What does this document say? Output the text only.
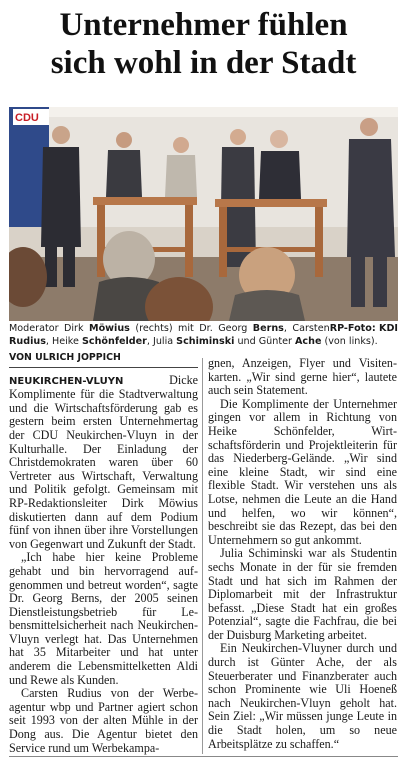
Unternehmer fühlen
sich wohl in der Stadt
CDU
RP-Foto: KDI
Moderator Dirk Möwius (rechts) mit Dr. Georg Berns, Carsten Rudius, Heike Schönfelder, Julia Schiminski und Günter Ache (von links).
VON ULRICH JOPPICH

NEUKIRCHEN-VLUYN Dicke Komplimente für die Stadtverwaltung und die Wirtschaftsförderung gab es gestern beim ersten Unternehmertag der CDU Neukirchen-Vluyn in der Kulturhalle. Der Einladung der Christdemokraten waren über 60 Vertreter aus Wirtschaft, Verwaltung und Politik gefolgt. Gemeinsam mit RP-Redaktionsleiter Dirk Möwius diskutierten dann auf dem Podium fünf von ihnen über ihre Vorstellungen von Gegenwart und Zukunft der Stadt.

„Ich habe hier keine Probleme gehabt und bin hervorragend aufgenommen und betreut worden“, sagte Dr. Georg Berns, der 2005 seinen Dienstleistungsbetrieb für Lebensmittelsicherheit nach Neukirchen-Vluyn verlegt hat. Das Unternehmen hat 35 Mitarbeiter und hat unter anderem die Lebensmittelketten Aldi und Rewe als Kunden.

Carsten Rudius von der Werbeagentur wbp und Partner agiert schon seit 1993 von der alten Mühle in der Dong aus. Die Agentur bietet den Service rund um Werbekampa-

gnen, Anzeigen, Flyer und Visitenkarten. „Wir sind gerne hier“, lautete auch sein Statement.

Die Komplimente der Unternehmer gingen vor allem in Richtung von Heike Schönfelder, Wirtschaftsförderin und Projektleiterin für das Niederberg-Gelände. „Wir sind eine kleine Stadt, wir sind eine flexible Stadt. Wir verstehen uns als Lotse, nehmen die Leute an die Hand und helfen, wo wir können“, beschreibt sie das Rezept, das bei den Unternehmern so gut ankommt.

Julia Schiminski war als Studentin sechs Monate in der für sie fremden Stadt und hat sich im Rahmen der Diplomarbeit mit der Infrastruktur befasst. „Diese Stadt hat ein großes Potenzial“, sagte die Fachfrau, die bei der Duisburg Marketing arbeitet.

Ein Neukirchen-Vluyner durch und durch ist Günter Ache, der als Steuerberater und Finanzberater auch schon Prominente wie Uli Hoeneß nach Neukirchen-Vluyn geholt hat. Sein Ziel: „Wir müssen junge Leute in die Stadt holen, um so neue Arbeitsplätze zu schaffen.“
